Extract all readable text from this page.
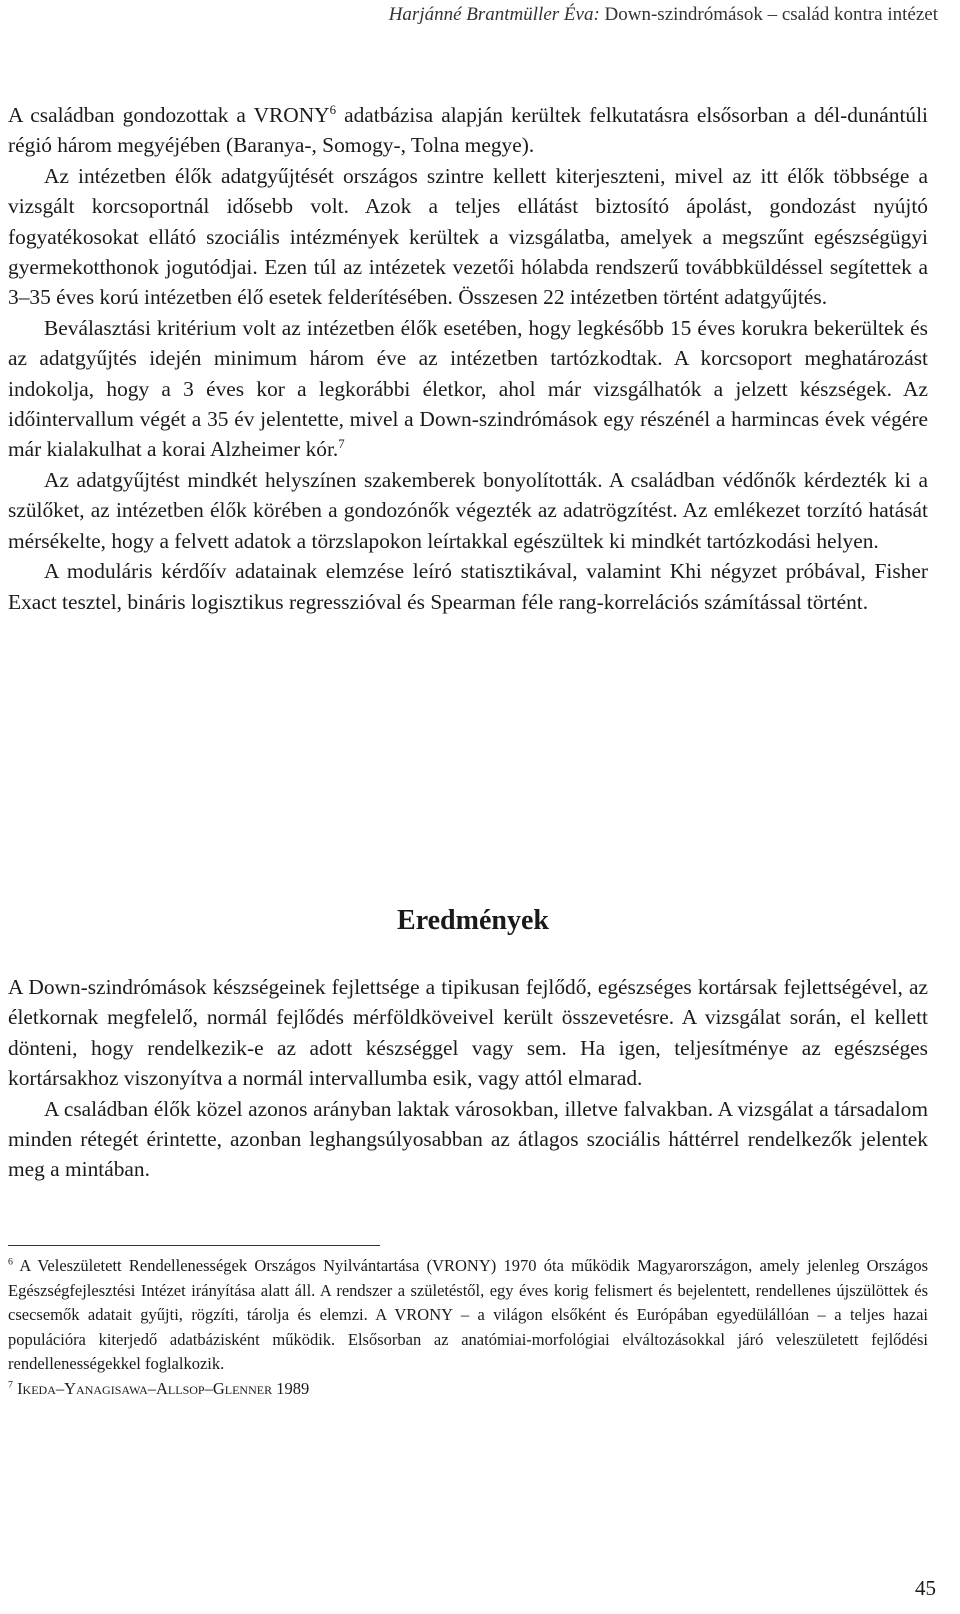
Harjánné Brantmüller Éva: Down-szindrómások – család kontra intézet

A családban gondozottak a VRONY$^6$ adatbázisa alapján kerültek felkutatásra elsősorban a dél-dunántúli régió három megyéjében (Baranya-, Somogy-, Tolna megye).

Az intézetben élők adatgyűjtését országos szintre kellett kiterjeszteni, mivel az itt élők többsége a vizsgált korcsoportnál idősebb volt. Azok a teljes ellátást biztosító ápolást, gondozást nyújtó fogyatékosokat ellátó szociális intézmények kerültek a vizsgálatba, amelyek a megszűnt egészségügyi gyermekotthonok jogutódjai. Ezen túl az intézetek vezetői hólabda rendszerű továbbküldéssel segítettek a 3–35 éves korú intézetben élő esetek felderítésében. Összesen 22 intézetben történt adatgyűjtés.

Beválasztási kritérium volt az intézetben élők esetében, hogy legkésőbb 15 éves korukra bekerültek és az adatgyűjtés idején minimum három éve az intézetben tartózkodtak. A korcsoport meghatározást indokolja, hogy a 3 éves kor a legkorábbi életkor, ahol már vizsgálhatók a jelzett készségek. Az időintervallum végét a 35 év jelentette, mivel a Down-szindrómások egy részénél a harmincas évek végére már kialakulhat a korai Alzheimer kór.$^7$

Az adatgyűjtést mindkét helyszínen szakemberek bonyolították. A családban védőnők kérdezték ki a szülőket, az intézetben élők körében a gondozónők végezték az adatrögzítést. Az emlékezet torzító hatását mérsékelte, hogy a felvett adatok a törzslapokon leírtakkal egészültek ki mindkét tartózkodási helyen.

A moduláris kérdőív adatainak elemzése leíró statisztikával, valamint Khi négyzet próbával, Fisher Exact tesztel, bináris logisztikus regresszióval és Spearman féle rang-korrelációs számítással történt.

Eredmények

A Down-szindrómások készségeinek fejlettsége a tipikusan fejlődő, egészséges kortársak fejlettségével, az életkornak megfelelő, normál fejlődés mérföldköveivel került összevetésre. A vizsgálat során, el kellett dönteni, hogy rendelkezik-e az adott készséggel vagy sem. Ha igen, teljesítménye az egészséges kortársakhoz viszonyítva a normál intervallumba esik, vagy attól elmarad.

A családban élők közel azonos arányban laktak városokban, illetve falvakban. A vizsgálat a társadalom minden rétegét érintette, azonban leghangsúlyosabban az átlagos szociális háttérrel rendelkezők jelentek meg a mintában.

$^6$ A Veleszületett Rendellenességek Országos Nyilvántartása (VRONY) 1970 óta működik Magyarországon, amely jelenleg Országos Egészségfejlesztési Intézet irányítása alatt áll. A rendszer a születéstől, egy éves korig felismert és bejelentett, rendellenes újszülöttek és csecsemők adatait gyűjti, rögzíti, tárolja és elemzi. A VRONY – a világon elsőként és Európában egyedülállóan – a teljes hazai populációra kiterjedő adatbázisként működik. Elsősorban az anatómiai-morfológiai elváltozásokkal járó veleszületett fejlődési rendellenességekkel foglalkozik.

$^7$ Ikeda–Yanagisawa–Allsop–Glenner 1989

45
